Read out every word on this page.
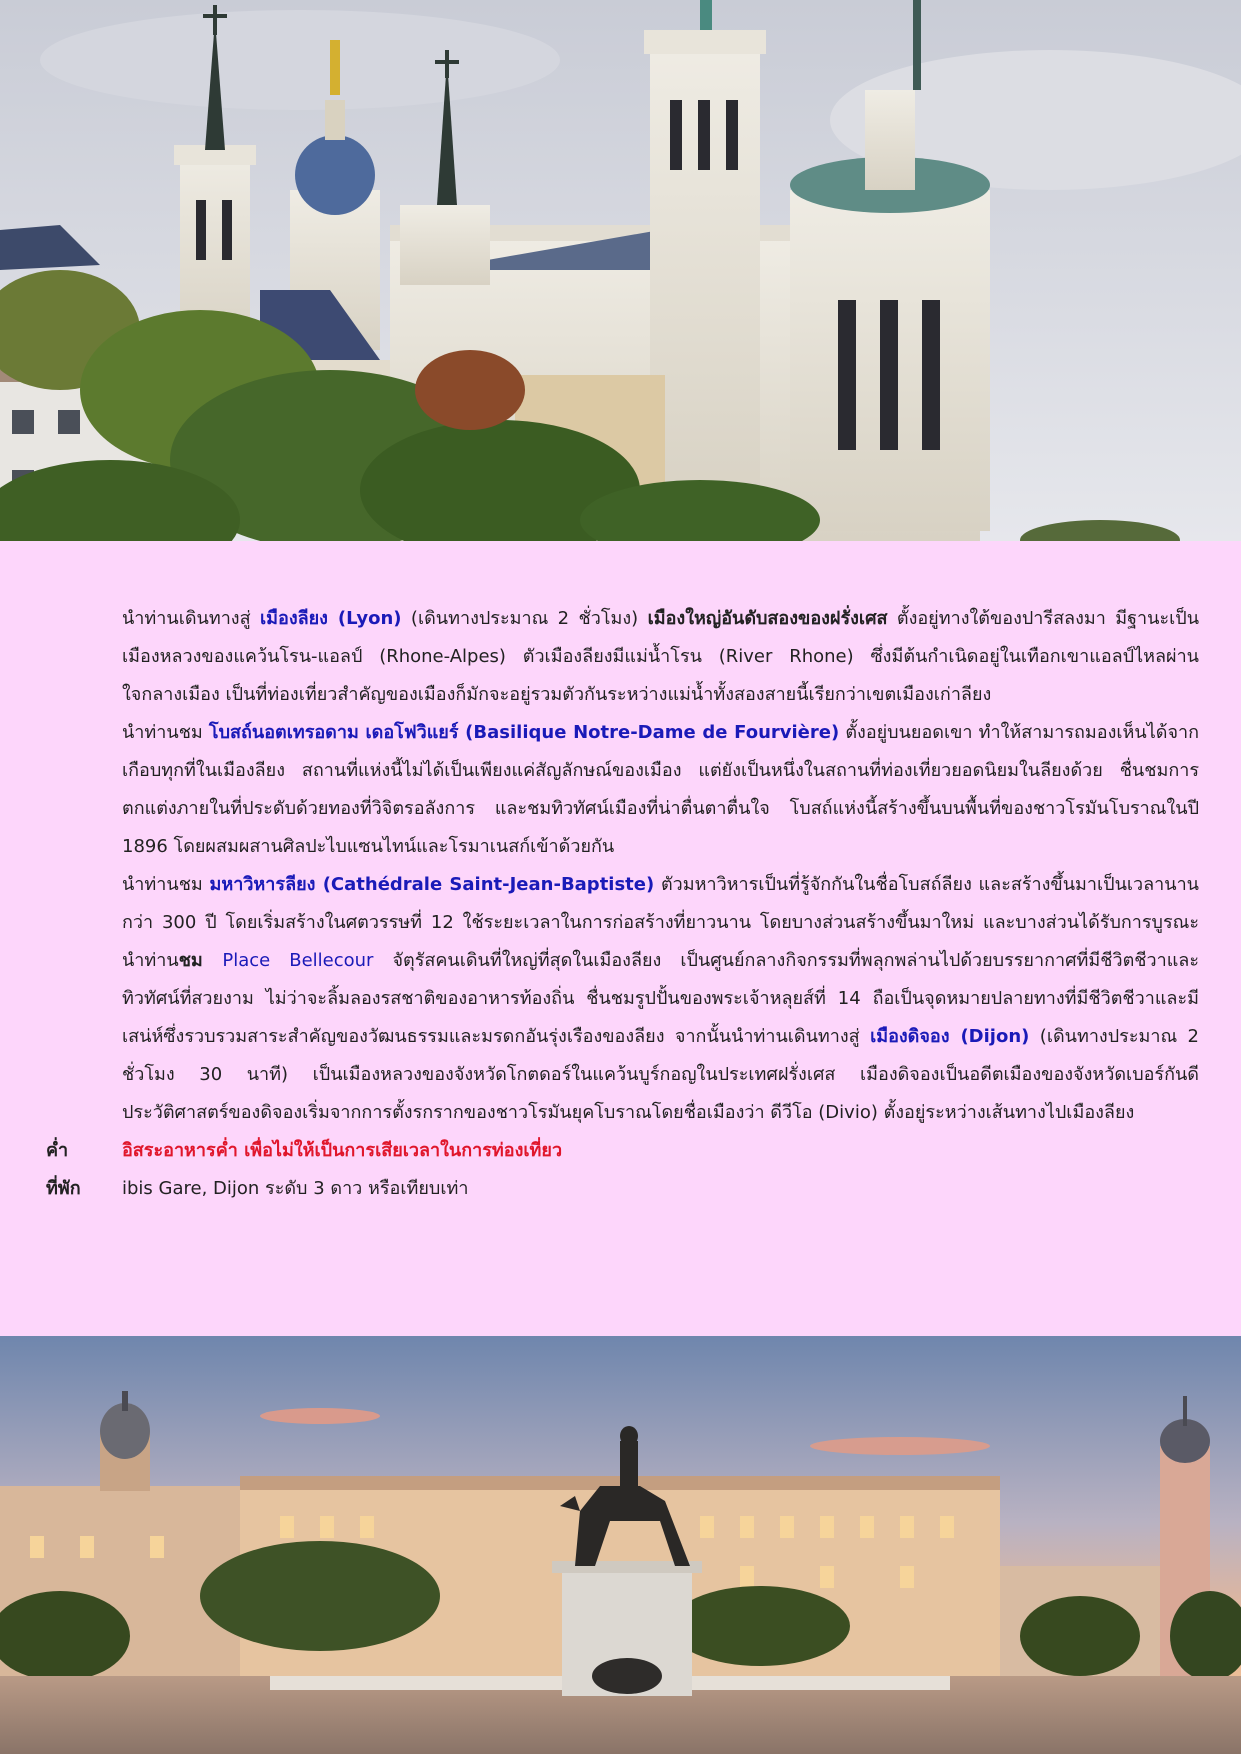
นำท่านเดินทางสู่ เมืองลียง (Lyon) (เดินทางประมาณ 2 ชั่วโมง) เมืองใหญ่อันดับสองของฝรั่งเศส ตั้งอยู่ทางใต้ของปารีสลงมา มีฐานะเป็นเมืองหลวงของแคว้นโรน-แอลป์ (Rhone-Alpes) ตัวเมืองลียงมีแม่น้ำโรน (River Rhone) ซึ่งมีต้นกำเนิดอยู่ในเทือกเขาแอลป์ไหลผ่านใจกลางเมือง เป็นที่ท่องเที่ยวสำคัญของเมืองก็มักจะอยู่รวมตัวกันระหว่างแม่น้ำทั้งสองสายนี้เรียกว่าเขตเมืองเก่าลียง

นำท่านชม โบสถ์นอตเทรอดาม เดอโฟวิแยร์ (Basilique Notre-Dame de Fourvière) ตั้งอยู่บนยอดเขา ทำให้สามารถมองเห็นได้จากเกือบทุกที่ในเมืองลียง สถานที่แห่งนี้ไม่ได้เป็นเพียงแค่สัญลักษณ์ของเมือง แต่ยังเป็นหนึ่งในสถานที่ท่องเที่ยวยอดนิยมในลียงด้วย ชื่นชมการตกแต่งภายในที่ประดับด้วยทองที่วิจิตรอลังการ และชมทิวทัศน์เมืองที่น่าตื่นตาตื่นใจ โบสถ์แห่งนี้สร้างขึ้นบนพื้นที่ของชาวโรมันโบราณในปี 1896 โดยผสมผสานศิลปะไบแซนไทน์และโรมาเนสก์เข้าด้วยกัน

นำท่านชม มหาวิหารลียง (Cathédrale Saint-Jean-Baptiste) ตัวมหาวิหารเป็นที่รู้จักกันในชื่อโบสถ์ลียง และสร้างขึ้นมาเป็นเวลานานกว่า 300 ปี โดยเริ่มสร้างในศตวรรษที่ 12 ใช้ระยะเวลาในการก่อสร้างที่ยาวนาน โดยบางส่วนสร้างขึ้นมาใหม่ และบางส่วนได้รับการบูรณะ นำท่านชม Place Bellecour จัตุรัสคนเดินที่ใหญ่ที่สุดในเมืองลียง เป็นศูนย์กลางกิจกรรมที่พลุกพล่านไปด้วยบรรยากาศที่มีชีวิตชีวาและทิวทัศน์ที่สวยงาม ไม่ว่าจะลิ้มลองรสชาติของอาหารท้องถิ่น ชื่นชมรูปปั้นของพระเจ้าหลุยส์ที่ 14 ถือเป็นจุดหมายปลายทางที่มีชีวิตชีวาและมีเสน่ห์ซึ่งรวบรวมสาระสำคัญของวัฒนธรรมและมรดกอันรุ่งเรืองของลียง จากนั้นนำท่านเดินทางสู่ เมืองดิจอง (Dijon) (เดินทางประมาณ 2 ชั่วโมง 30 นาที) เป็นเมืองหลวงของจังหวัดโกตดอร์ในแคว้นบูร์กอญในประเทศฝรั่งเศส เมืองดิจองเป็นอดีตเมืองของจังหวัดเบอร์กันดี ประวัติศาสตร์ของดิจองเริ่มจากการตั้งรกรากของชาวโรมันยุคโบราณโดยชื่อเมืองว่า ดีวีโอ (Divio) ตั้งอยู่ระหว่างเส้นทางไปเมืองลียง

ค่ำ	อิสระอาหารค่ำ เพื่อไม่ให้เป็นการเสียเวลาในการท่องเที่ยว
ที่พัก ibis Gare, Dijon ระดับ 3 ดาว หรือเทียบเท่า
